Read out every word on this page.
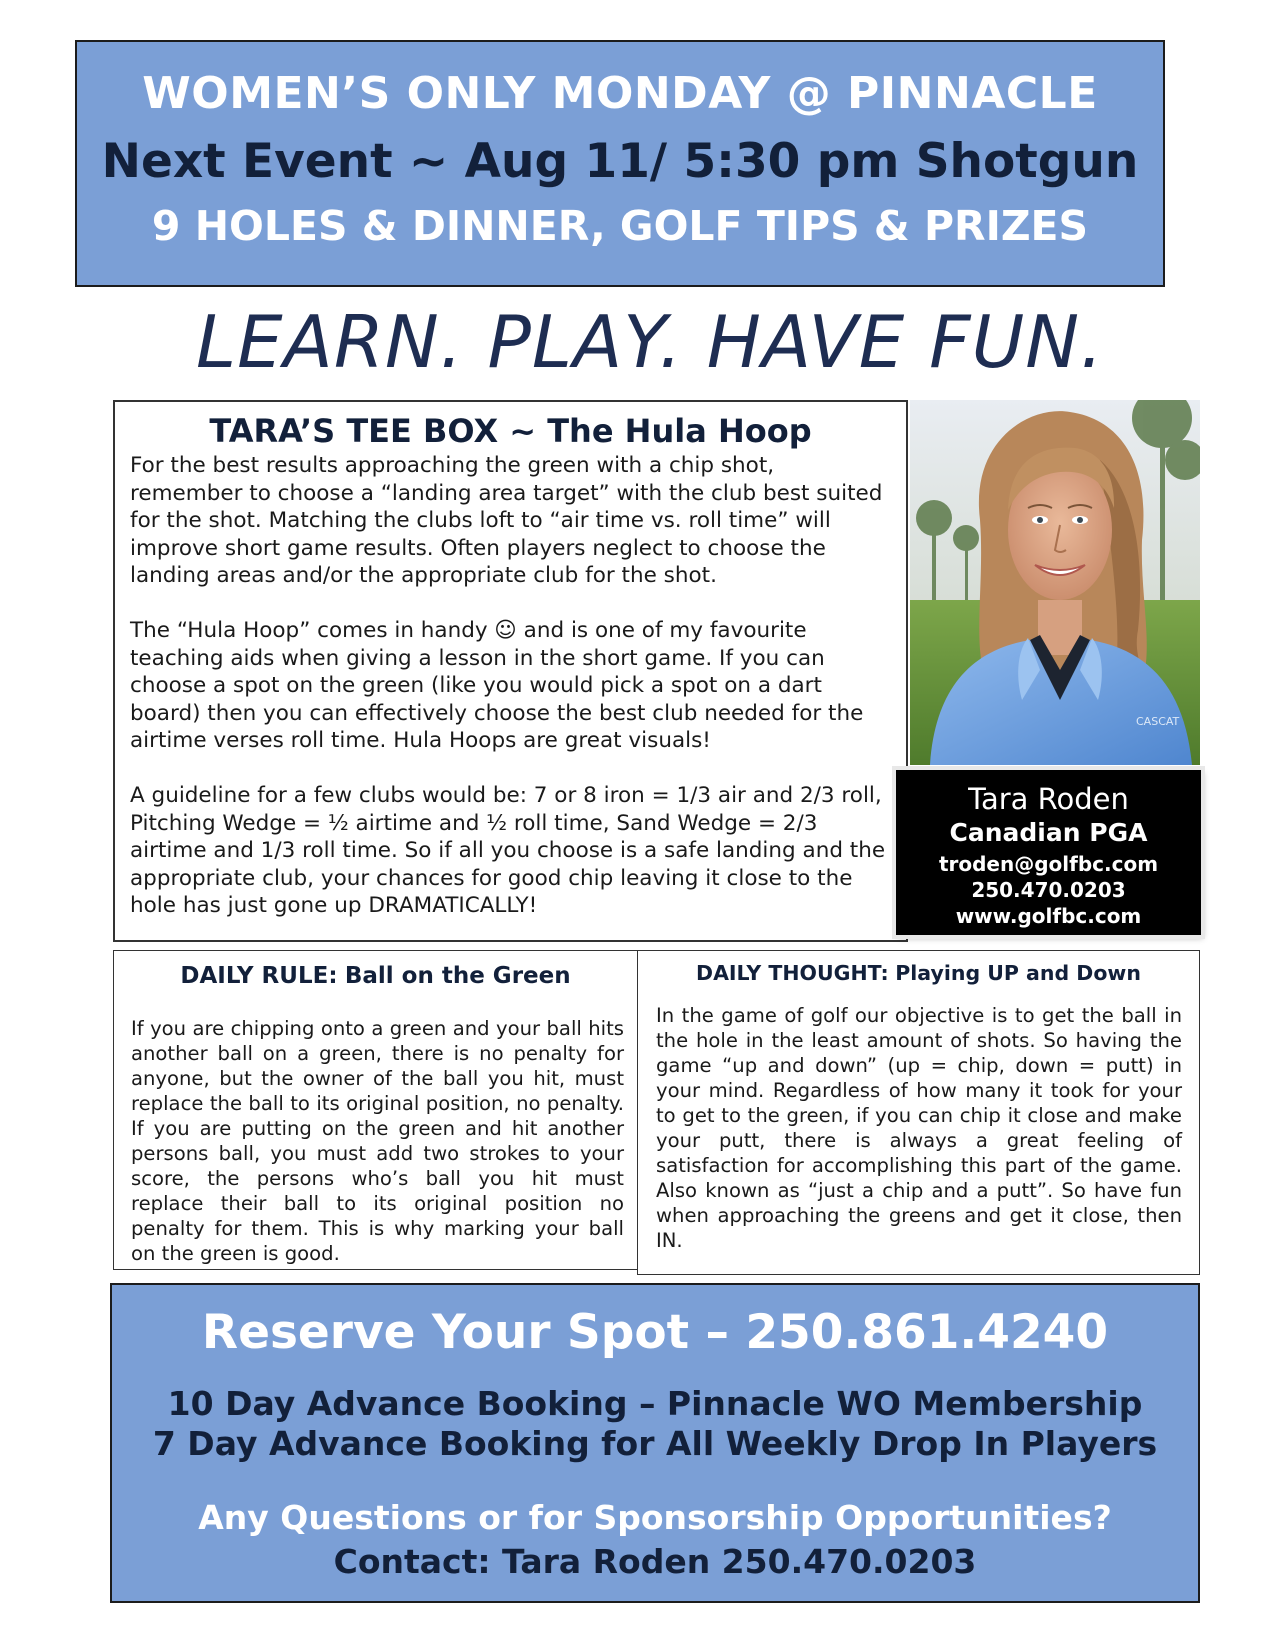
WOMEN’S ONLY MONDAY @ PINNACLE
Next Event ~ Aug 11/ 5:30 pm Shotgun
9 HOLES & DINNER, GOLF TIPS & PRIZES
LEARN. PLAY. HAVE FUN.
TARA’S TEE BOX ~ The Hula Hoop

For the best results approaching the green with a chip shot, remember to choose a “landing area target” with the club best suited for the shot. Matching the clubs loft to “air time vs. roll time” will improve short game results. Often players neglect to choose the landing areas and/or the appropriate club for the shot.

The “Hula Hoop” comes in handy ☺ and is one of my favourite teaching aids when giving a lesson in the short game. If you can choose a spot on the green (like you would pick a spot on a dart board) then you can effectively choose the best club needed for the airtime verses roll time. Hula Hoops are great visuals!

A guideline for a few clubs would be: 7 or 8 iron = 1/3 air and 2/3 roll, Pitching Wedge = ½ airtime and ½ roll time, Sand Wedge = 2/3 airtime and 1/3 roll time. So if all you choose is a safe landing and the appropriate club, your chances for good chip leaving it close to the hole has just gone up DRAMATICALLY!

CASCAT
Tara Roden
Canadian PGA
troden@golfbc.com
250.470.0203
www.golfbc.com
DAILY RULE: Ball on the Green

If you are chipping onto a green and your ball hits another ball on a green, there is no penalty for anyone, but the owner of the ball you hit, must replace the ball to its original position, no penalty. If you are putting on the green and hit another persons ball, you must add two strokes to your score, the persons who’s ball you hit must replace their ball to its original position no penalty for them. This is why marking your ball on the green is good.

DAILY THOUGHT: Playing UP and Down

In the game of golf our objective is to get the ball in the hole in the least amount of shots. So having the game “up and down” (up = chip, down = putt) in your mind. Regardless of how many it took for your to get to the green, if you can chip it close and make your putt, there is always a great feeling of satisfaction for accomplishing this part of the game. Also known as “just a chip and a putt”. So have fun when approaching the greens and get it close, then IN.

Reserve Your Spot – 250.861.4240
10 Day Advance Booking – Pinnacle WO Membership
7 Day Advance Booking for All Weekly Drop In Players
Any Questions or for Sponsorship Opportunities?
Contact: Tara Roden 250.470.0203
